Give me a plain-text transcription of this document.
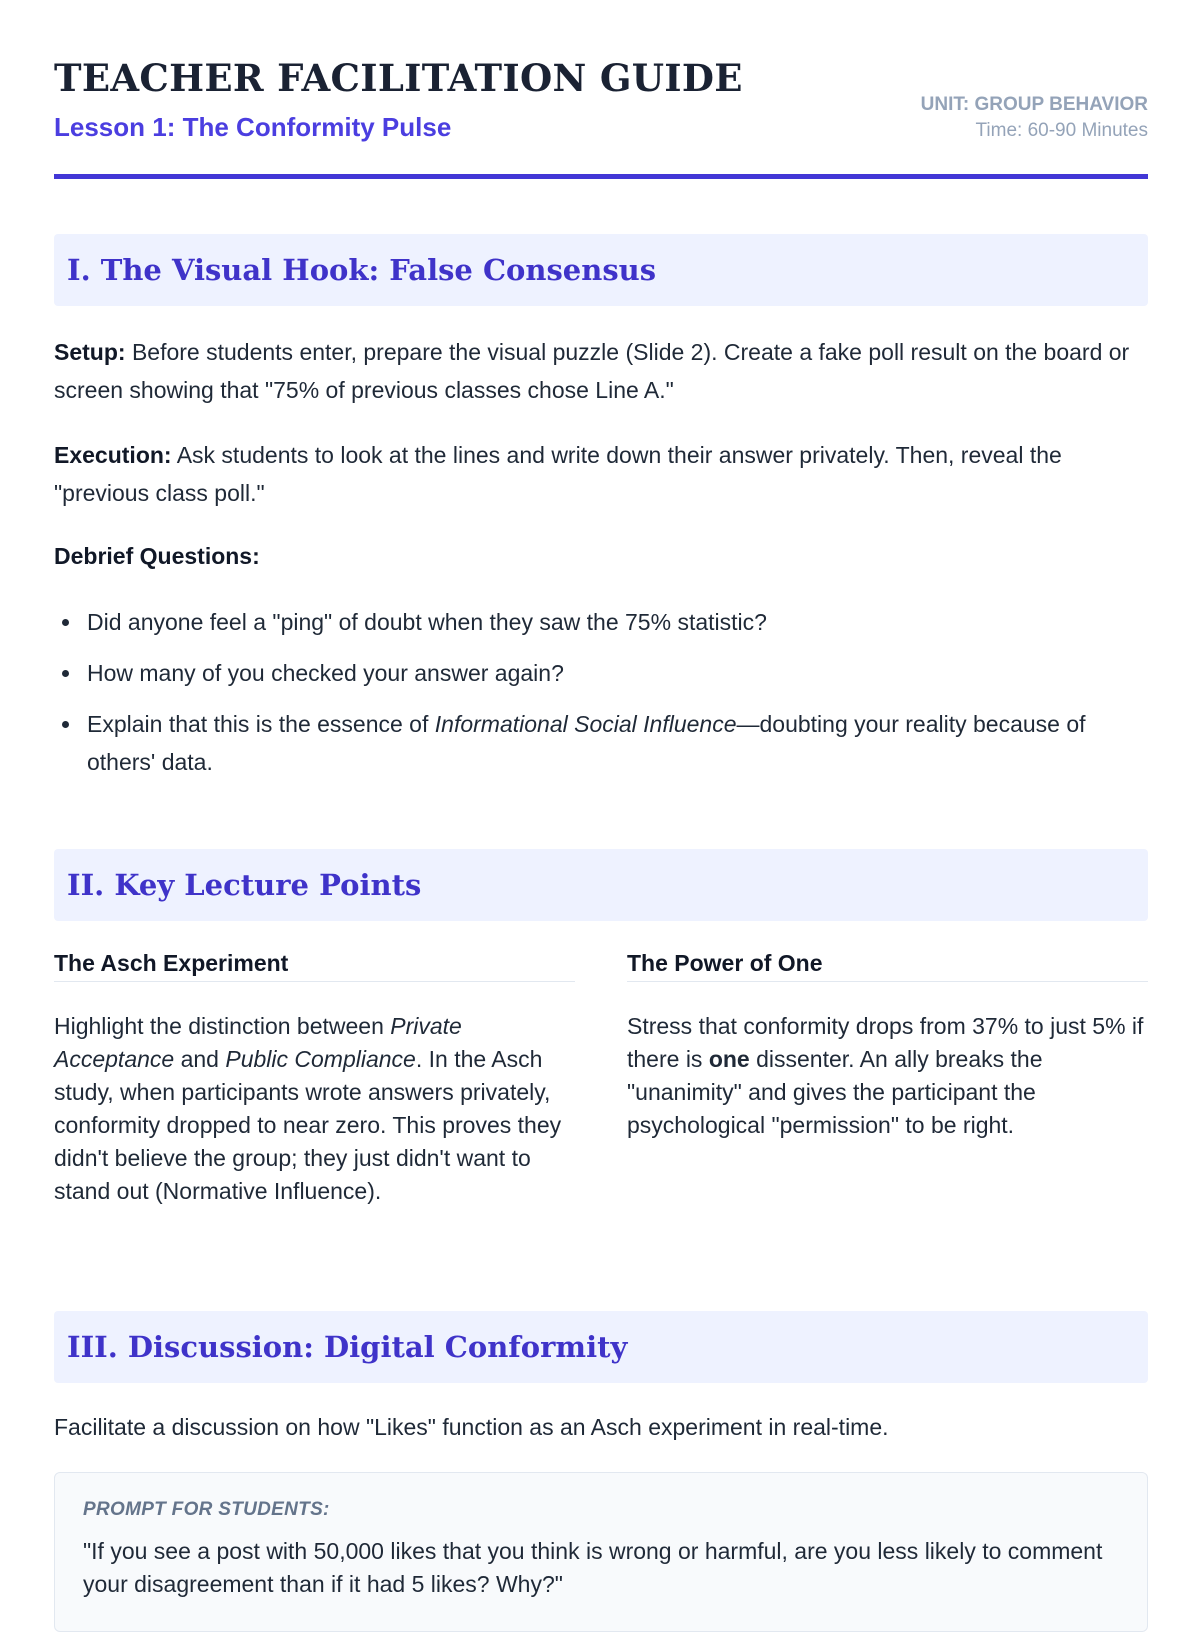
TEACHER FACILITATION GUIDE
Lesson 1: The Conformity Pulse
UNIT: GROUP BEHAVIOR
Time: 60-90 Minutes
I. The Visual Hook: False Consensus

Setup: Before students enter, prepare the visual puzzle (Slide 2). Create a fake poll result on the board or screen showing that "75% of previous classes chose Line A."

Execution: Ask students to look at the lines and write down their answer privately. Then, reveal the "previous class poll."

Debrief Questions:
Did anyone feel a "ping" of doubt when they saw the 75% statistic?
How many of you checked your answer again?
Explain that this is the essence of Informational Social Influence—doubting your reality because of others' data.
II. Key Lecture Points
The Asch Experiment

Highlight the distinction between Private Acceptance and Public Compliance. In the Asch study, when participants wrote answers privately, conformity dropped to near zero. This proves they didn't believe the group; they just didn't want to stand out (Normative Influence).

The Power of One

Stress that conformity drops from 37% to just 5% if there is one dissenter. An ally breaks the "unanimity" and gives the participant the psychological "permission" to be right.

III. Discussion: Digital Conformity

Facilitate a discussion on how "Likes" function as an Asch experiment in real-time.

PROMPT FOR STUDENTS:
"If you see a post with 50,000 likes that you think is wrong or harmful, are you less likely to comment your disagreement than if it had 5 likes? Why?"
